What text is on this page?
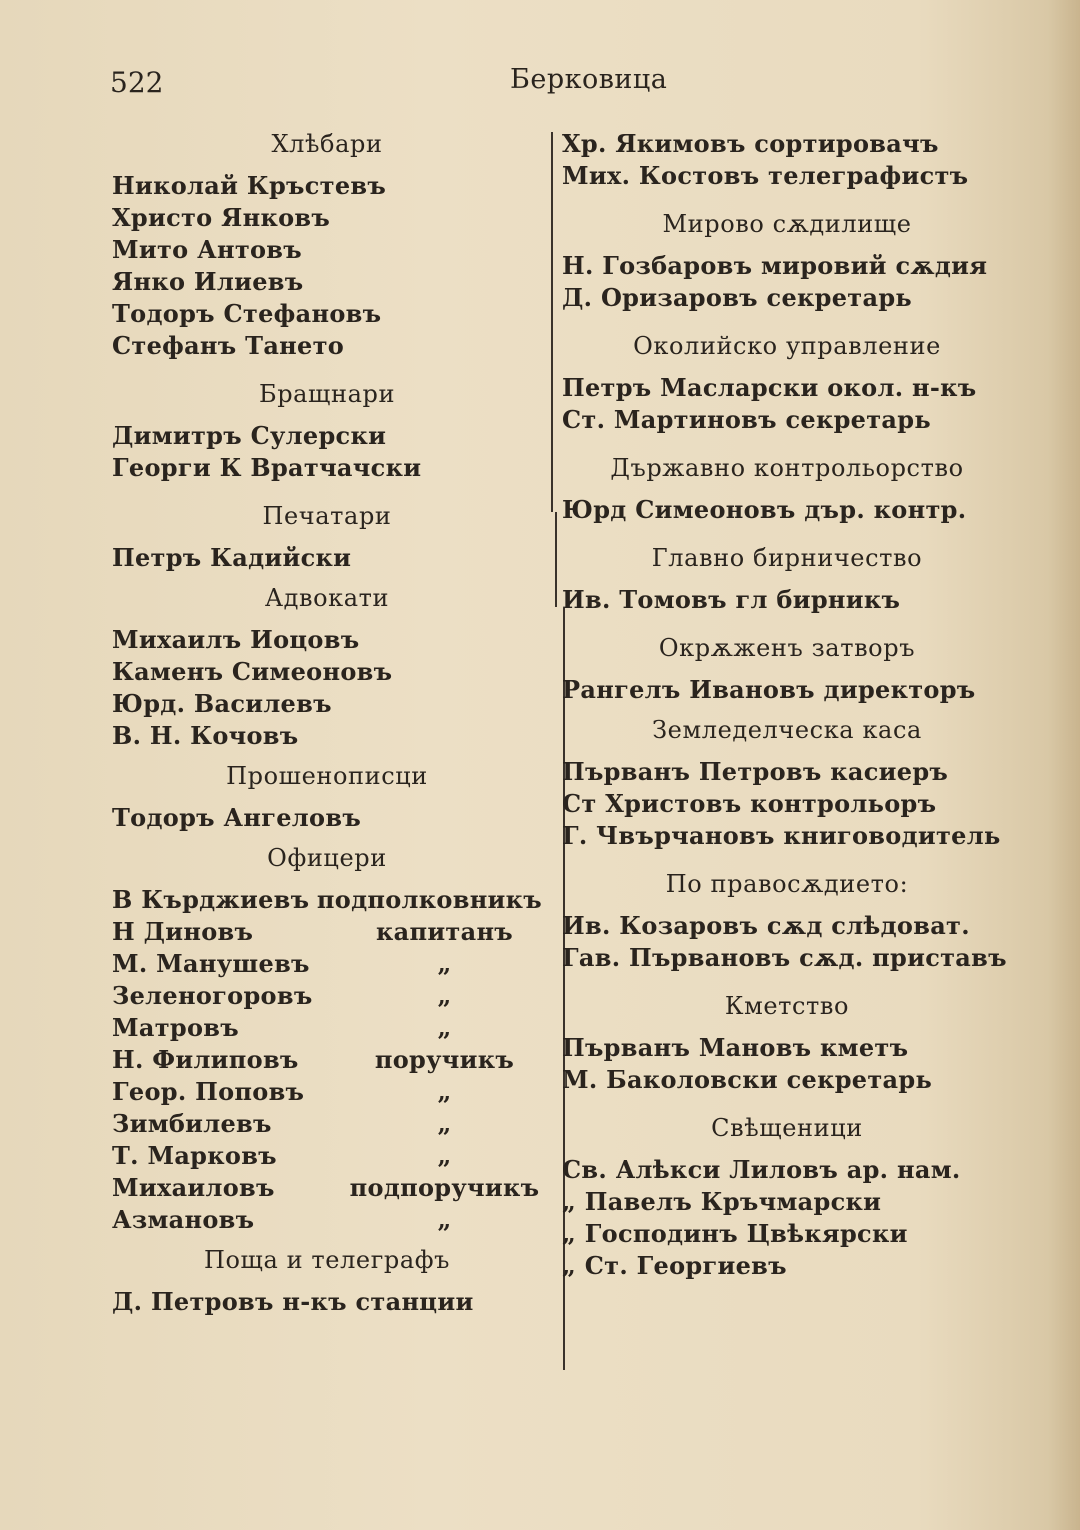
522	Берковица
Хлѣбари
Николай Кръстевъ
Христо Янковъ
Мито Антовъ
Янко Илиевъ
Тодоръ Стефановъ
Стефанъ Тането
Бращнари
Димитръ Сулерски
Георги К Вратчачски
Печатари
Петръ Кадийски
Адвокати
Михаилъ Иоцовъ
Каменъ Симеоновъ
Юрд. Василевъ
В. Н. Кочовъ
Прошенописци
Тодоръ Ангеловъ
Офицери
В Кърджиевъ подполковникъ
Н Диновъ	капитанъ
М. Манушевъ	„
Зеленогоровъ	„
Матровъ	„
Н. Филиповъ	поручикъ
Геор. Поповъ	„
Зимбилевъ	„
Т. Марковъ	„
Михаиловъ	подпоручикъ
Азмановъ	„
Поща и телеграфъ
Д. Петровъ н-къ станции
Хр. Якимовъ сортировачъ
Мих. Костовъ телеграфистъ
Мирово сѫдилище
Н. Гозбаровъ мировий сѫдия
Д. Оризаровъ секретарь
Околийско управление
Петръ Масларски окол. н-къ
Ст. Мартиновъ секретарь
Държавно контрольорство
Юрд Симеоновъ дър. контр.
Главно бирничество
Ив. Томовъ гл бирникъ
Окрѫженъ затворъ
Рангелъ Ивановъ директоръ
Земледелческа каса
Първанъ Петровъ касиеръ
Ст Христовъ контрольоръ
Г. Чвърчановъ книговодитель
По правосѫдието:
Ив. Козаровъ сѫд слѣдоват.
Гав. Първановъ сѫд. приставъ
Кметство
Първанъ Мановъ кметъ
М. Баколовски секретарь
Свѣщеници
Св. Алѣкси Лиловъ ар. нам.
„ Павелъ Кръчмарски
„ Господинъ Цвѣкярски
„ Ст. Георгиевъ
